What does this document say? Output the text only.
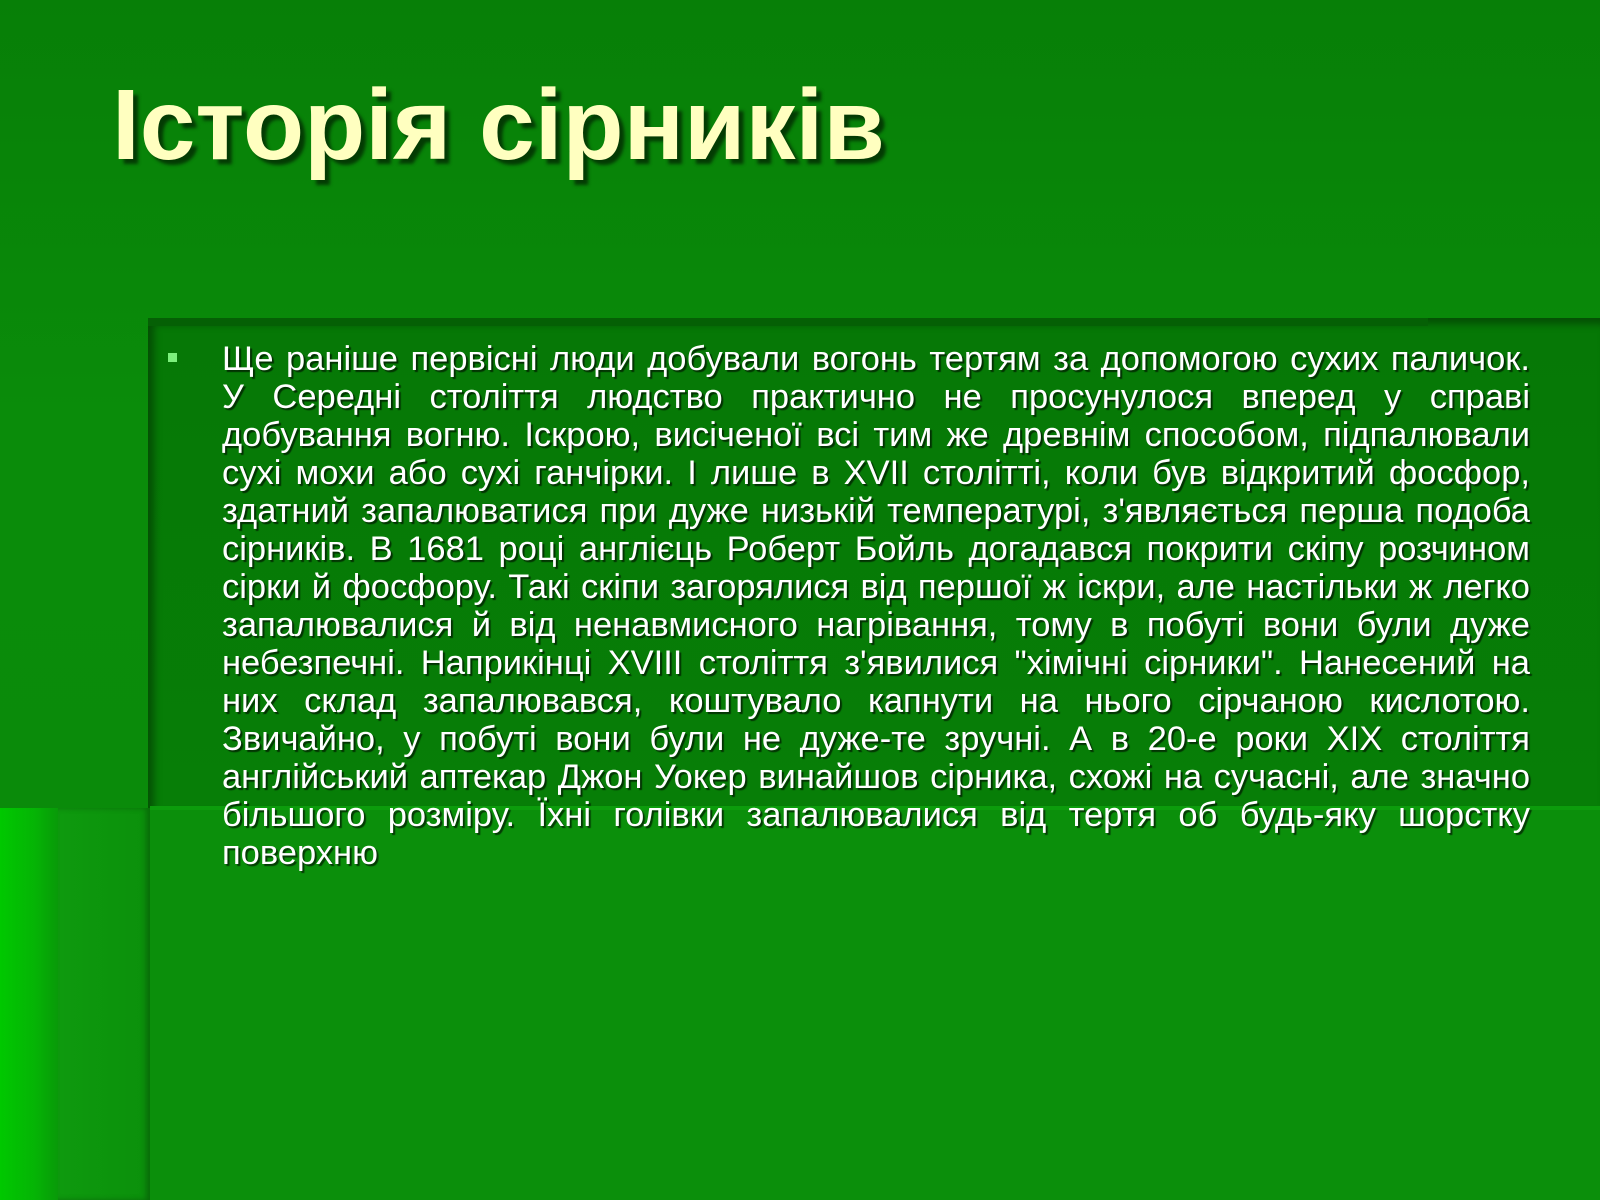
Історія сірників

Ще раніше первісні люди добували вогонь тертям за допомогою сухих паличок. У Середні століття людство практично не просунулося вперед у справі добування вогню. Іскрою, висіченої всі тим же древнім способом, підпалювали сухі мохи або сухі ганчірки. І лише в XVII столітті, коли був відкритий фосфор, здатний запалюватися при дуже низькій температурі, з'являється перша подоба сірників. В 1681 році англієць Роберт Бойль догадався покрити скіпу розчином сірки й фосфору. Такі скіпи загорялися від першої ж іскри, але настільки ж легко запалювалися й від ненавмисного нагрівання, тому в побуті вони були дуже небезпечні. Наприкінці XVIII століття з'явилися "хімічні сірники". Нанесений на них склад запалювався, коштувало капнути на нього сірчаною кислотою. Звичайно, у побуті вони були не дуже-те зручні. А в 20-е роки XIX століття англійський аптекар Джон Уокер винайшов сірника, схожі на сучасні, але значно більшого розміру. Їхні голівки запалювалися від тертя об будь-яку шорстку поверхню
